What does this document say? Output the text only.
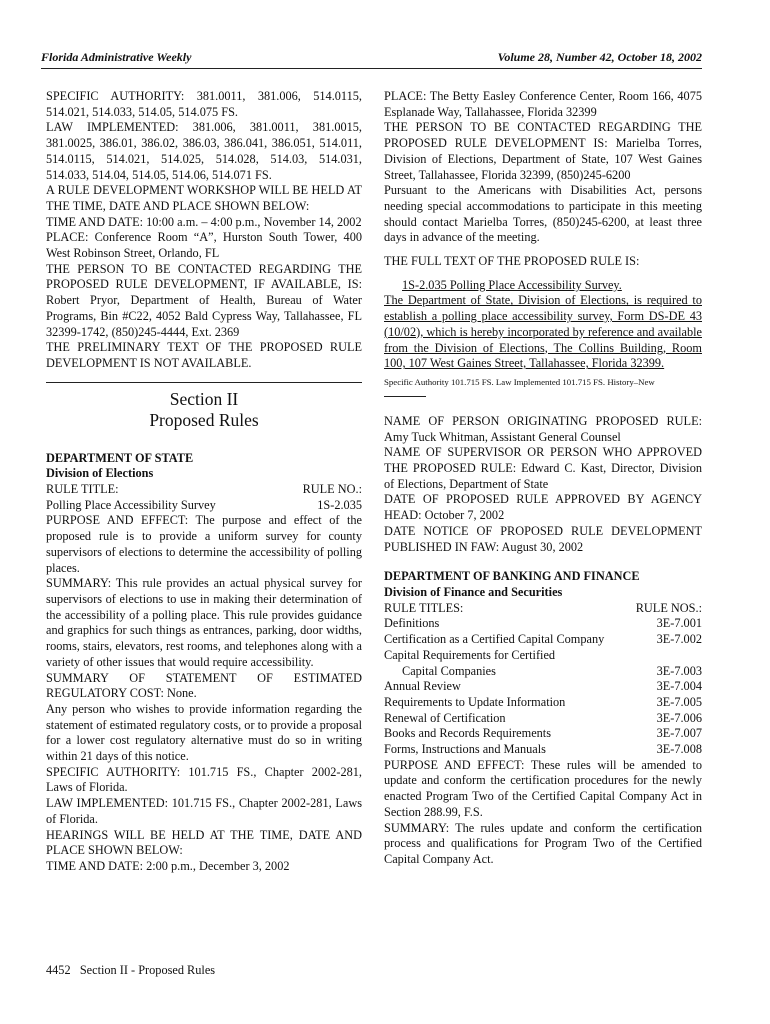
Florida Administrative Weekly	Volume 28, Number 42, October 18, 2002

SPECIFIC AUTHORITY: 381.0011, 381.006, 514.0115, 514.021, 514.033, 514.05, 514.075 FS.

LAW IMPLEMENTED: 381.006, 381.0011, 381.0015, 381.0025, 386.01, 386.02, 386.03, 386.041, 386.051, 514.011, 514.0115, 514.021, 514.025, 514.028, 514.03, 514.031, 514.033, 514.04, 514.05, 514.06, 514.071 FS.

A RULE DEVELOPMENT WORKSHOP WILL BE HELD AT THE TIME, DATE AND PLACE SHOWN BELOW:

TIME AND DATE: 10:00 a.m. – 4:00 p.m., November 14, 2002

PLACE: Conference Room “A”, Hurston South Tower, 400 West Robinson Street, Orlando, FL

THE PERSON TO BE CONTACTED REGARDING THE PROPOSED RULE DEVELOPMENT, IF AVAILABLE, IS: Robert Pryor, Department of Health, Bureau of Water Programs, Bin #C22, 4052 Bald Cypress Way, Tallahassee, FL 32399-1742, (850)245-4444, Ext. 2369

THE PRELIMINARY TEXT OF THE PROPOSED RULE DEVELOPMENT IS NOT AVAILABLE.

Section II
Proposed Rules

DEPARTMENT OF STATE

Division of Elections

RULE TITLE:	RULE NO.:
Polling Place Accessibility Survey	1S-2.035

PURPOSE AND EFFECT: The purpose and effect of the proposed rule is to provide a uniform survey for county supervisors of elections to determine the accessibility of polling places.

SUMMARY: This rule provides an actual physical survey for supervisors of elections to use in making their determination of the accessibility of a polling place. This rule provides guidance and graphics for such things as entrances, parking, door widths, rooms, stairs, elevators, rest rooms, and telephones along with a variety of other issues that would require accessibility.

SUMMARY OF STATEMENT OF ESTIMATED REGULATORY COST: None.

Any person who wishes to provide information regarding the statement of estimated regulatory costs, or to provide a proposal for a lower cost regulatory alternative must do so in writing within 21 days of this notice.

SPECIFIC AUTHORITY: 101.715 FS., Chapter 2002-281, Laws of Florida.

LAW IMPLEMENTED: 101.715 FS., Chapter 2002-281, Laws of Florida.

HEARINGS WILL BE HELD AT THE TIME, DATE AND PLACE SHOWN BELOW:

TIME AND DATE: 2:00 p.m., December 3, 2002

PLACE: The Betty Easley Conference Center, Room 166, 4075 Esplanade Way, Tallahassee, Florida 32399

THE PERSON TO BE CONTACTED REGARDING THE PROPOSED RULE DEVELOPMENT IS: Marielba Torres, Division of Elections, Department of State, 107 West Gaines Street, Tallahassee, Florida 32399, (850)245-6200

Pursuant to the Americans with Disabilities Act, persons needing special accommodations to participate in this meeting should contact Marielba Torres, (850)245-6200, at least three days in advance of the meeting.

THE FULL TEXT OF THE PROPOSED RULE IS:

1S-2.035 Polling Place Accessibility Survey.

The Department of State, Division of Elections, is required to establish a polling place accessibility survey, Form DS-DE 43 (10/02), which is hereby incorporated by reference and available from the Division of Elections, The Collins Building, Room 100, 107 West Gaines Street, Tallahassee, Florida 32399.

Specific Authority 101.715 FS. Law Implemented 101.715 FS. History–New

NAME OF PERSON ORIGINATING PROPOSED RULE: Amy Tuck Whitman, Assistant General Counsel

NAME OF SUPERVISOR OR PERSON WHO APPROVED THE PROPOSED RULE: Edward C. Kast, Director, Division of Elections, Department of State

DATE OF PROPOSED RULE APPROVED BY AGENCY HEAD: October 7, 2002

DATE NOTICE OF PROPOSED RULE DEVELOPMENT PUBLISHED IN FAW: August 30, 2002

DEPARTMENT OF BANKING AND FINANCE

Division of Finance and Securities

RULE TITLES:	RULE NOS.:
Definitions	3E-7.001
Certification as a Certified Capital Company	3E-7.002
Capital Requirements for Certified
Capital Companies	3E-7.003
Annual Review	3E-7.004
Requirements to Update Information	3E-7.005
Renewal of Certification	3E-7.006
Books and Records Requirements	3E-7.007
Forms, Instructions and Manuals	3E-7.008

PURPOSE AND EFFECT: These rules will be amended to update and conform the certification procedures for the newly enacted Program Two of the Certified Capital Company Act in Section 288.99, F.S.

SUMMARY: The rules update and conform the certification process and qualifications for Program Two of the Certified Capital Company Act.

4452   Section II - Proposed Rules
